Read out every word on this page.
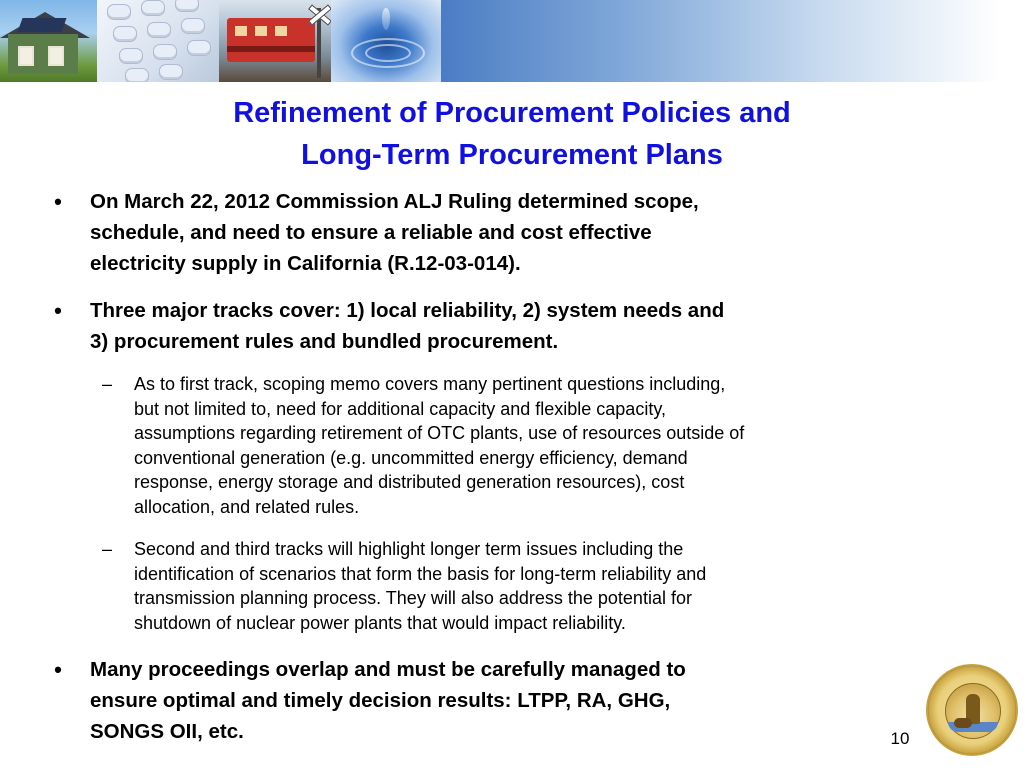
Refinement of Procurement Policies and
Long-Term Procurement Plans
•	On March 22, 2012 Commission ALJ Ruling determined scope,
schedule, and need to ensure a reliable and cost effective
electricity supply in California (R.12-03-014).
•	Three major tracks cover: 1) local reliability, 2) system needs and
3) procurement rules and bundled procurement.
–	As to first track, scoping memo covers many pertinent questions including,
but not limited to, need for additional capacity and flexible capacity,
assumptions regarding retirement of OTC plants, use of resources outside of
conventional generation (e.g. uncommitted energy efficiency, demand
response, energy storage and distributed generation resources), cost
allocation, and related rules.
–	Second and third tracks will highlight longer term issues including the
identification of scenarios that form the basis for long-term reliability and
transmission planning process. They will also address the potential for
shutdown of nuclear power plants that would impact reliability.
•	Many proceedings overlap and must be carefully managed to
ensure optimal and timely decision results: LTPP, RA, GHG,
SONGS OII, etc.	10
